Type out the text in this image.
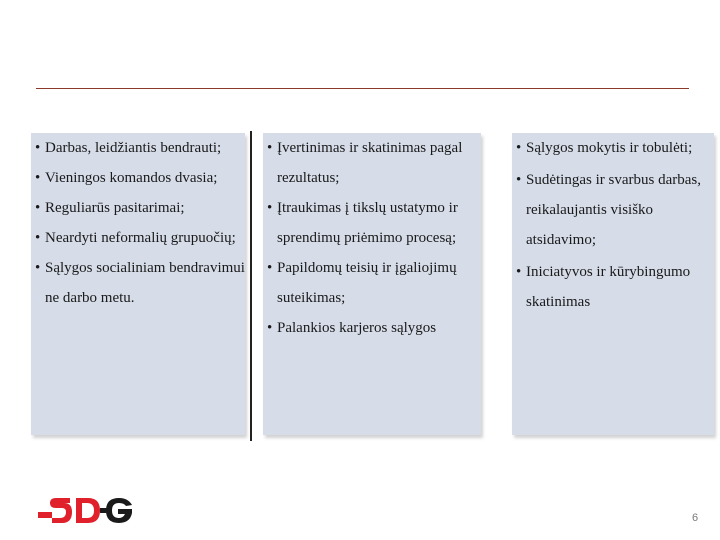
• Darbas, leidžiantis bendrauti;
• Vieningos komandos dvasia;
• Reguliarūs pasitarimai;
• Neardyti neformalių grupuočių;
• Sąlygos socialiniam bendravimui ne darbo metu.
• Įvertinimas ir skatinimas pagal rezultatus;
• Įtraukimas į tikslų ustatymo ir sprendimų priėmimo procesą;
• Papildomų teisių ir įgaliojimų suteikimas;
• Palankios karjeros sąlygos
• Sąlygos mokytis ir tobulėti;
• Sudėtingas ir svarbus darbas, reikalaujantis visiško atsidavimo;
• Iniciatyvos ir kūrybingumo skatinimas
6
